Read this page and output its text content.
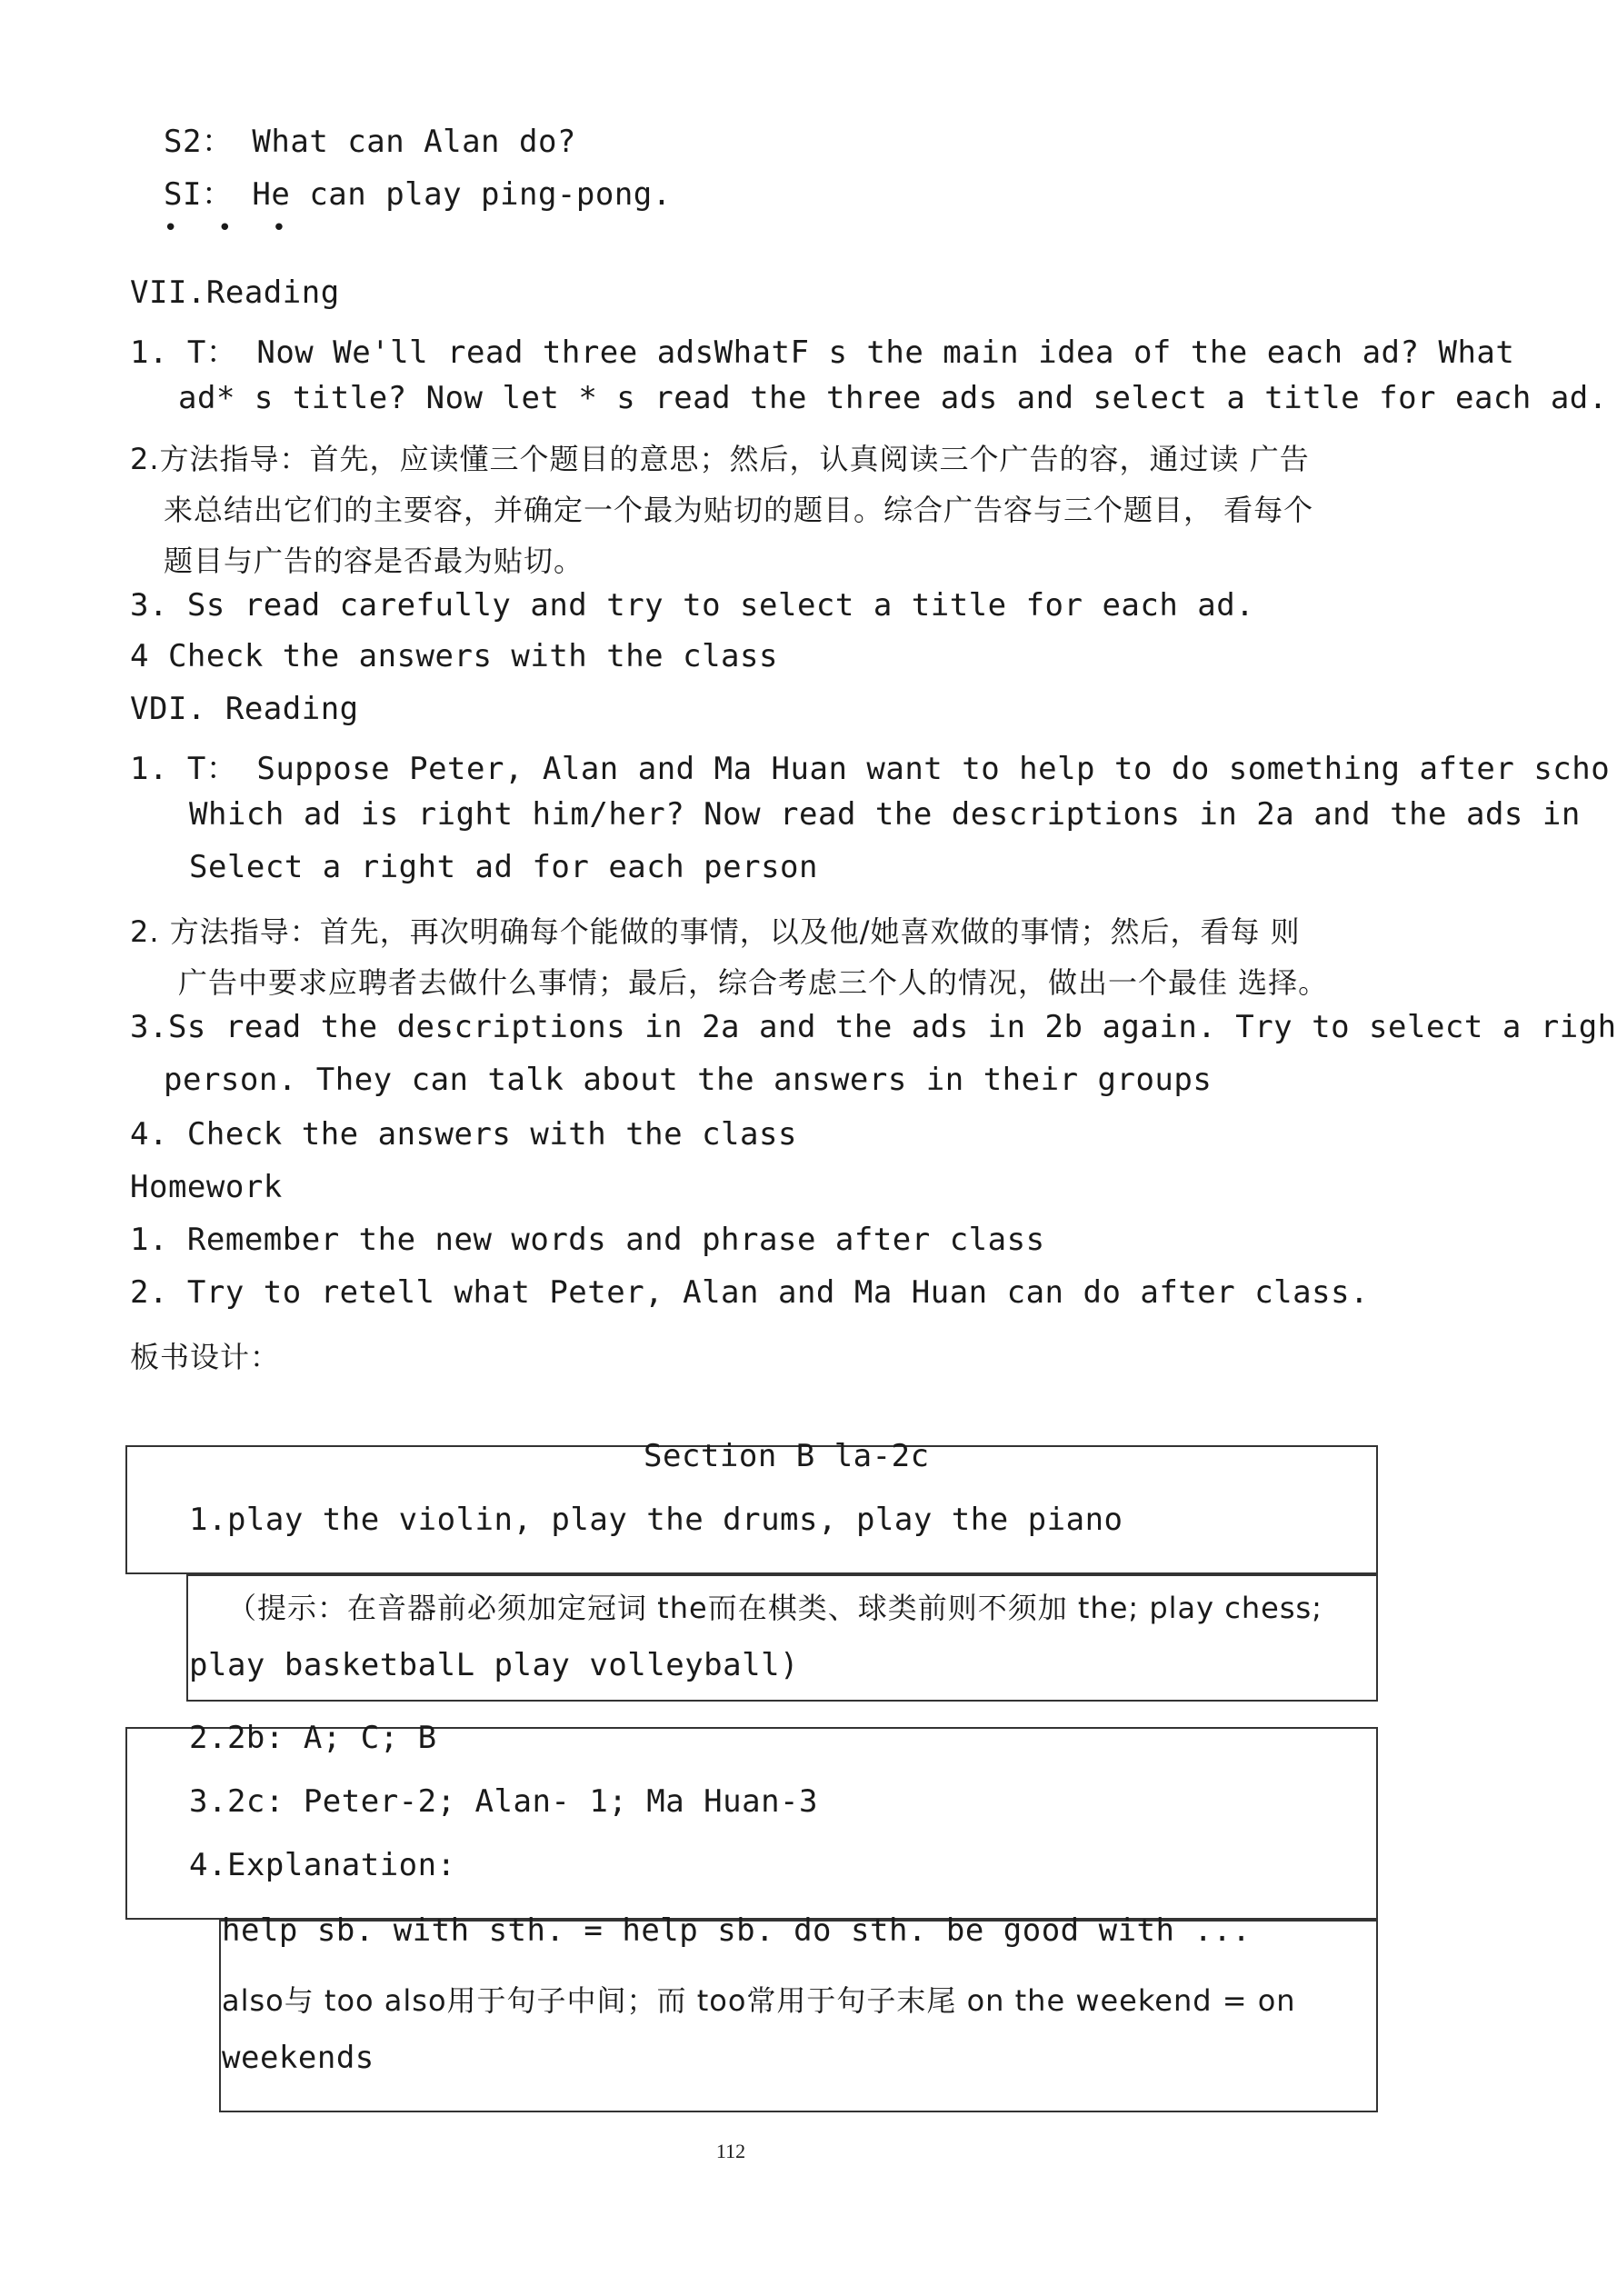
S2： What can Alan do?
SI： He can play ping-pong.
• • •
VII.Reading
1. T： Now We'll read three adsWhatF s the main idea of the each ad? What
ad* s title? Now let * s read the three ads and select a title for each ad.
2.方法指导：首先，应读懂三个题目的意思；然后，认真阅读三个广告的容，通过读 广告
来总结出它们的主要容，并确定一个最为贴切的题目。综合广告容与三个题目， 看每个
题目与广告的容是否最为贴切。
3. Ss read carefully and try to select a title for each ad.
4 Check the answers with the class
VDI. Reading
1. T： Suppose Peter, Alan and Ma Huan want to help to do something after scho
Which ad is right him/her? Now read the descriptions in 2a and the ads in
Select a right ad for each person
2. 方法指导：首先，再次明确每个能做的事情，以及他/她喜欢做的事情；然后，看每 则
广告中要求应聘者去做什么事情；最后，综合考虑三个人的情况，做出一个最佳 选择。
3.Ss read the descriptions in 2a and the ads in 2b again. Try to select a righ
person. They can talk about the answers in their groups
4. Check the answers with the class
Homework
1. Remember the new words and phrase after class
2. Try to retell what Peter, Alan and Ma Huan can do after class.
板书设计：
Section B la-2c
1.play the violin, play the drums, play the piano
（提示：在音器前必须加定冠词 the而在棋类、球类前则不须加 the; play chess;
play basketbalL play volleyball)
2.2b: A; C; B
3.2c: Peter-2; Alan- 1; Ma Huan-3
4.Explanation:
help sb. with sth. = help sb. do sth. be good with ...
also与 too also用于句子中间；而 too常用于句子末尾 on the weekend = on
weekends
112
